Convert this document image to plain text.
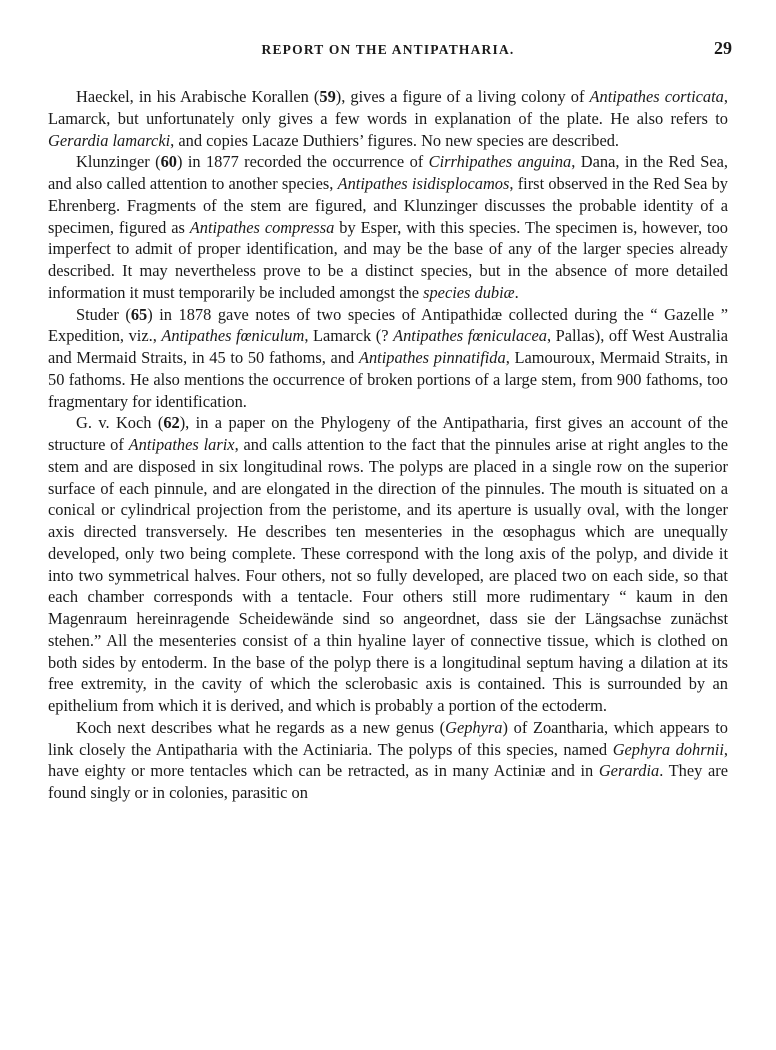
REPORT ON THE ANTIPATHARIA.	29

Haeckel, in his Arabische Korallen (59), gives a figure of a living colony of Antipathes corticata, Lamarck, but unfortunately only gives a few words in explanation of the plate. He also refers to Gerardia lamarcki, and copies Lacaze Duthiers’ figures. No new species are described.

Klunzinger (60) in 1877 recorded the occurrence of Cirrhipathes anguina, Dana, in the Red Sea, and also called attention to another species, Antipathes isidisplocamos, first observed in the Red Sea by Ehrenberg. Fragments of the stem are figured, and Klunzinger discusses the probable identity of a specimen, figured as Antipathes compressa by Esper, with this species. The specimen is, however, too imperfect to admit of proper identification, and may be the base of any of the larger species already described. It may nevertheless prove to be a distinct species, but in the absence of more detailed information it must temporarily be included amongst the species dubiæ.

Studer (65) in 1878 gave notes of two species of Antipathidæ collected during the “ Gazelle ” Expedition, viz., Antipathes fœniculum, Lamarck (? Antipathes fœniculacea, Pallas), off West Australia and Mermaid Straits, in 45 to 50 fathoms, and Antipathes pinnatifida, Lamouroux, Mermaid Straits, in 50 fathoms. He also mentions the occurrence of broken portions of a large stem, from 900 fathoms, too fragmentary for identification.

G. v. Koch (62), in a paper on the Phylogeny of the Antipatharia, first gives an account of the structure of Antipathes larix, and calls attention to the fact that the pinnules arise at right angles to the stem and are disposed in six longitudinal rows. The polyps are placed in a single row on the superior surface of each pinnule, and are elongated in the direction of the pinnules. The mouth is situated on a conical or cylindrical projection from the peristome, and its aperture is usually oval, with the longer axis directed transversely. He describes ten mesenteries in the œsophagus which are unequally developed, only two being complete. These correspond with the long axis of the polyp, and divide it into two symmetrical halves. Four others, not so fully developed, are placed two on each side, so that each chamber corresponds with a tentacle. Four others still more rudimentary “ kaum in den Magenraum hereinragende Scheidewände sind so angeordnet, dass sie der Längsachse zunächst stehen.” All the mesenteries consist of a thin hyaline layer of connective tissue, which is clothed on both sides by entoderm. In the base of the polyp there is a longitudinal septum having a dilation at its free extremity, in the cavity of which the sclerobasic axis is contained. This is surrounded by an epithelium from which it is derived, and which is probably a portion of the ectoderm.

Koch next describes what he regards as a new genus (Gephyra) of Zoantharia, which appears to link closely the Antipatharia with the Actiniaria. The polyps of this species, named Gephyra dohrnii, have eighty or more tentacles which can be retracted, as in many Actiniæ and in Gerardia. They are found singly or in colonies, parasitic on
